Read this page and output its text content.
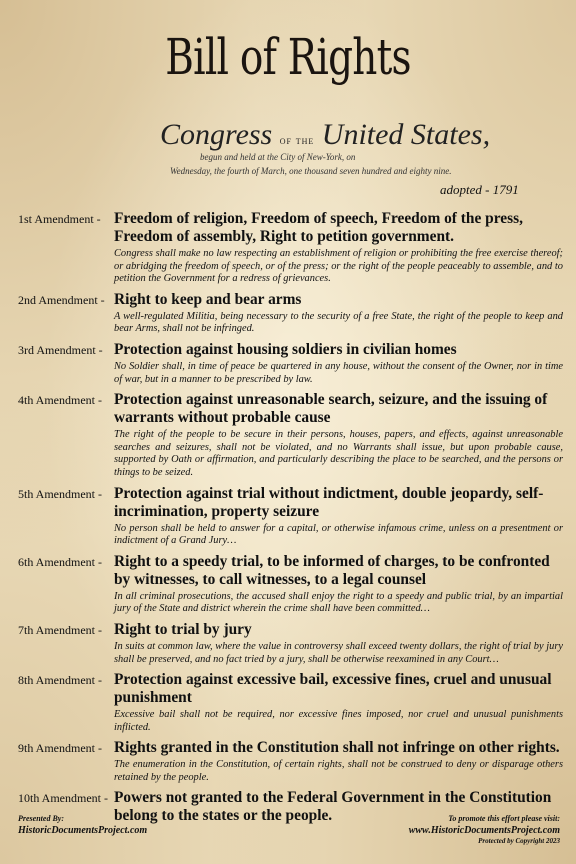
Bill of Rights
Congress of the United States,
begun and held at the City of New-York, on
Wednesday, the fourth of March, one thousand seven hundred and eighty nine.
adopted - 1791
1st Amendment - Freedom of religion, Freedom of speech, Freedom of the press, Freedom of assembly, Right to petition government.

Congress shall make no law respecting an establishment of religion or prohibiting the free exercise thereof; or abridging the freedom of speech, or of the press; or the right of the people peaceably to assemble, and to petition the Government for a redress of grievances.

2nd Amendment - Right to keep and bear arms

A well-regulated Militia, being necessary to the security of a free State, the right of the people to keep and bear Arms, shall not be infringed.

3rd Amendment - Protection against housing soldiers in civilian homes

No Soldier shall, in time of peace be quartered in any house, without the consent of the Owner, nor in time of war, but in a manner to be prescribed by law.

4th Amendment - Protection against unreasonable search, seizure, and the issuing of warrants without probable cause

The right of the people to be secure in their persons, houses, papers, and effects, against unreasonable searches and seizures, shall not be violated, and no Warrants shall issue, but upon probable cause, supported by Oath or affirmation, and particularly describing the place to be searched, and the persons or things to be seized.

5th Amendment - Protection against trial without indictment, double jeopardy, self-incrimination, property seizure

No person shall be held to answer for a capital, or otherwise infamous crime, unless on a presentment or indictment of a Grand Jury…

6th Amendment - Right to a speedy trial, to be informed of charges, to be confronted by witnesses, to call witnesses, to a legal counsel

In all criminal prosecutions, the accused shall enjoy the right to a speedy and public trial, by an impartial jury of the State and district wherein the crime shall have been committed…

7th Amendment - Right to trial by jury

In suits at common law, where the value in controversy shall exceed twenty dollars, the right of trial by jury shall be preserved, and no fact tried by a jury, shall be otherwise reexamined in any Court…

8th Amendment - Protection against excessive bail, excessive fines, cruel and unusual punishment

Excessive bail shall not be required, nor excessive fines imposed, nor cruel and unusual punishments inflicted.

9th Amendment - Rights granted in the Constitution shall not infringe on other rights.

The enumeration in the Constitution, of certain rights, shall not be construed to deny or disparage others retained by the people.

10th Amendment - Powers not granted to the Federal Government in the Constitution belong to the states or the people.

Presented By:
HistoricDocumentsProject.com
To promote this effort please visit:
www.HistoricDocumentsProject.com
Protected by Copyright 2023
